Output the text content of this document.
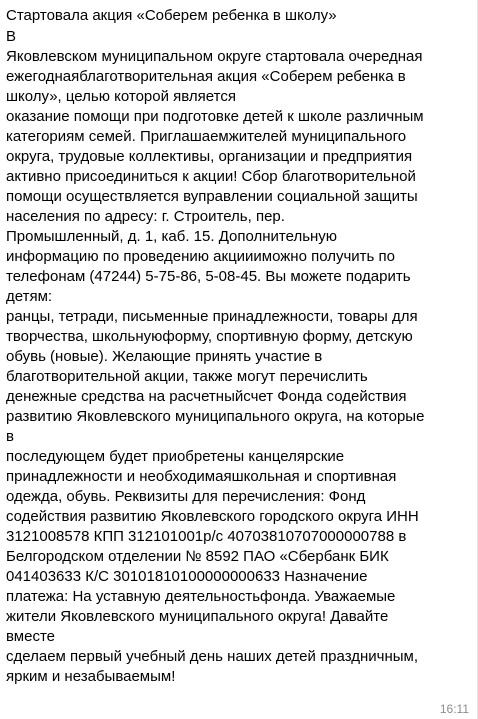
Стартовала акция «Соберем ребенка в школу»
В
Яковлевском муниципальном округе стартовала очередная
ежегоднаяблаготворительная акция «Соберем ребенка в
школу», целью которой является
оказание помощи при подготовке детей к школе различным
категориям семей. Приглашаемжителей муниципального
округа, трудовые коллективы, организации и предприятия
активно присоединиться к акции! Сбор благотворительной
помощи осуществляется вуправлении социальной защиты
населения по адресу: г. Строитель, пер.
Промышленный, д. 1, каб. 15. Дополнительную
информацию по проведению акциииможно получить по
телефонам (47244) 5-75-86, 5-08-45. Вы можете подарить
детям:
ранцы, тетради, письменные принадлежности, товары для
творчества, школьнуюформу, спортивную форму, детскую
обувь (новые). Желающие принять участие в
благотворительной акции, также могут перечислить
денежные средства на расчетныйсчет Фонда содействия
развитию Яковлевского муниципального округа, на которые
в
последующем будет приобретены канцелярские
принадлежности и необходимаяшкольная и спортивная
одежда, обувь. Реквизиты для перечисления: Фонд
содействия развитию Яковлевского городского округа ИНН
3121008578 КПП 312101001р/с 40703810707000000788 в
Белгородском отделении № 8592 ПАО «Сбербанк БИК
041403633 К/С 30101810100000000633 Назначение
платежа: На уставную деятельностьфонда. Уважаемые
жители Яковлевского муниципального округа! Давайте
вместе
сделаем первый учебный день наших детей праздничным,
ярким и незабываемым!
16:11
